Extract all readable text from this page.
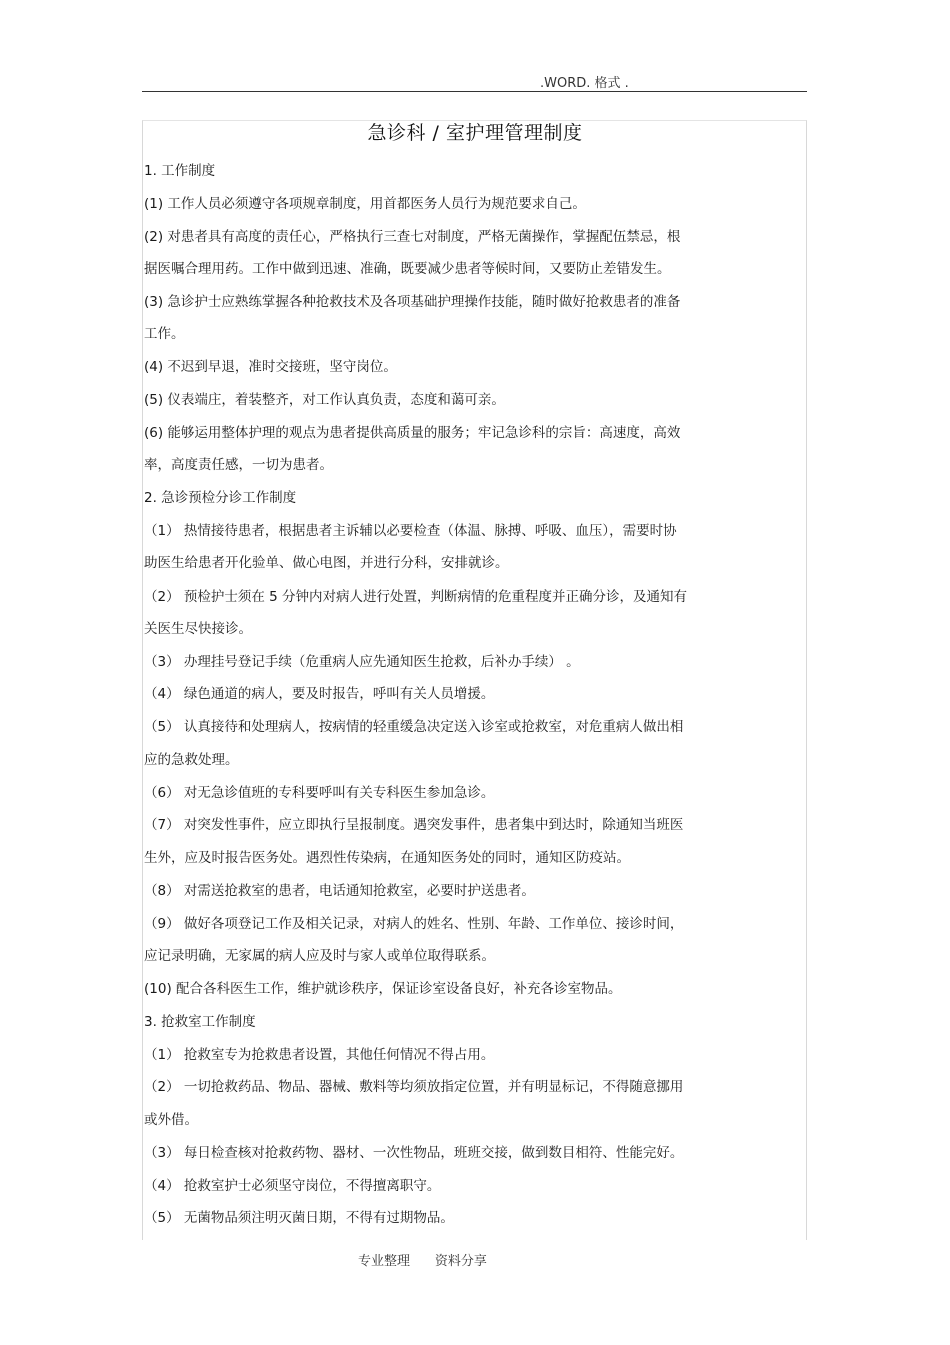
.WORD. 格式 .
急诊科 / 室护理管理制度
1. 工作制度
(1) 工作人员必须遵守各项规章制度，用首都医务人员行为规范要求自己。
(2) 对患者具有高度的责任心，严格执行三查七对制度，严格无菌操作，掌握配伍禁忌，根
据医嘱合理用药。工作中做到迅速、准确，既要减少患者等候时间，又要防止差错发生。
(3) 急诊护士应熟练掌握各种抢救技术及各项基础护理操作技能，随时做好抢救患者的准备
工作。
(4) 不迟到早退，准时交接班，坚守岗位。
(5) 仪表端庄，着装整齐，对工作认真负责，态度和蔼可亲。
(6) 能够运用整体护理的观点为患者提供高质量的服务；牢记急诊科的宗旨：高速度，高效
率，高度责任感，一切为患者。
2. 急诊预检分诊工作制度
（1） 热情接待患者，根据患者主诉辅以必要检查（体温、脉搏、呼吸、血压），需要时协
助医生给患者开化验单、做心电图，并进行分科，安排就诊。
（2） 预检护士须在 5 分钟内对病人进行处置，判断病情的危重程度并正确分诊，及通知有
关医生尽快接诊。
（3） 办理挂号登记手续（危重病人应先通知医生抢救，后补办手续） 。
（4） 绿色通道的病人，要及时报告，呼叫有关人员增援。
（5） 认真接待和处理病人，按病情的轻重缓急决定送入诊室或抢救室，对危重病人做出相
应的急救处理。
（6） 对无急诊值班的专科要呼叫有关专科医生参加急诊。
（7） 对突发性事件，应立即执行呈报制度。遇突发事件，患者集中到达时，除通知当班医
生外，应及时报告医务处。遇烈性传染病，在通知医务处的同时，通知区防疫站。
（8） 对需送抢救室的患者，电话通知抢救室，必要时护送患者。
（9） 做好各项登记工作及相关记录，对病人的姓名、性别、年龄、工作单位、接诊时间，
应记录明确，无家属的病人应及时与家人或单位取得联系。
(10) 配合各科医生工作，维护就诊秩序，保证诊室设备良好，补充各诊室物品。
3. 抢救室工作制度
（1） 抢救室专为抢救患者设置，其他任何情况不得占用。
（2） 一切抢救药品、物品、器械、敷料等均须放指定位置，并有明显标记，不得随意挪用
或外借。
（3） 每日检查核对抢救药物、器材、一次性物品，班班交接，做到数目相符、性能完好。
（4） 抢救室护士必须坚守岗位，不得擅离职守。
（5） 无菌物品须注明灭菌日期，不得有过期物品。
专业整理 资料分享
